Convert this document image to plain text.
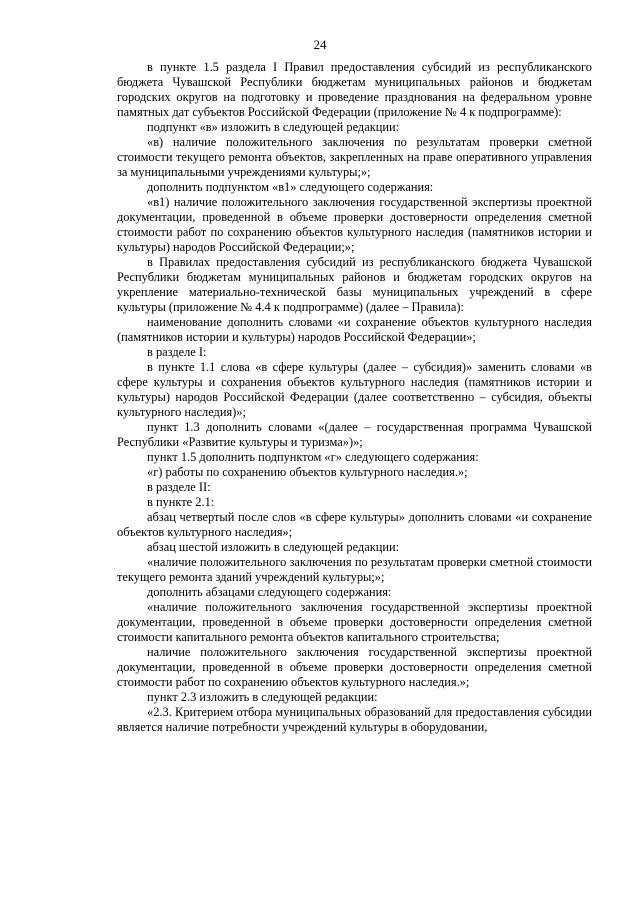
24

в пункте 1.5 раздела I Правил предоставления субсидий из республиканского бюджета Чувашской Республики бюджетам муниципальных районов и бюджетам городских округов на подготовку и проведение празднования на федеральном уровне памятных дат субъектов Российской Федерации (приложение № 4 к подпрограмме):

подпункт «в» изложить в следующей редакции:

«в) наличие положительного заключения по результатам проверки сметной стоимости текущего ремонта объектов, закрепленных на праве оперативного управления за муниципальными учреждениями культуры;»;

дополнить подпунктом «в1» следующего содержания:

«в1) наличие положительного заключения государственной экспертизы проектной документации, проведенной в объеме проверки достоверности определения сметной стоимости работ по сохранению объектов культурного наследия (памятников истории и культуры) народов Российской Федерации;»;

в Правилах предоставления субсидий из республиканского бюджета Чувашской Республики бюджетам муниципальных районов и бюджетам городских округов на укрепление материально-технической базы муниципальных учреждений в сфере культуры (приложение № 4.4 к подпрограмме) (далее – Правила):

наименование дополнить словами «и сохранение объектов культурного наследия (памятников истории и культуры) народов Российской Федерации»;

в разделе I:

в пункте 1.1 слова «в сфере культуры (далее – субсидия)» заменить словами «в сфере культуры и сохранения объектов культурного наследия (памятников истории и культуры) народов Российской Федерации (далее соответственно – субсидия, объекты культурного наследия)»;

пункт 1.3 дополнить словами «(далее – государственная программа Чувашской Республики «Развитие культуры и туризма»)»;

пункт 1.5 дополнить подпунктом «г» следующего содержания:

«г) работы по сохранению объектов культурного наследия.»;

в разделе II:

в пункте 2.1:

абзац четвертый после слов «в сфере культуры» дополнить словами «и сохранение объектов культурного наследия»;

абзац шестой изложить в следующей редакции:

«наличие положительного заключения по результатам проверки сметной стоимости текущего ремонта зданий учреждений культуры;»;

дополнить абзацами следующего содержания:

«наличие положительного заключения государственной экспертизы проектной документации, проведенной в объеме проверки достоверности определения сметной стоимости капитального ремонта объектов капитального строительства;

наличие положительного заключения государственной экспертизы проектной документации, проведенной в объеме проверки достоверности определения сметной стоимости работ по сохранению объектов культурного наследия.»;

пункт 2.3 изложить в следующей редакции:

«2.3. Критерием отбора муниципальных образований для предоставления субсидии является наличие потребности учреждений культуры в оборудовании,
